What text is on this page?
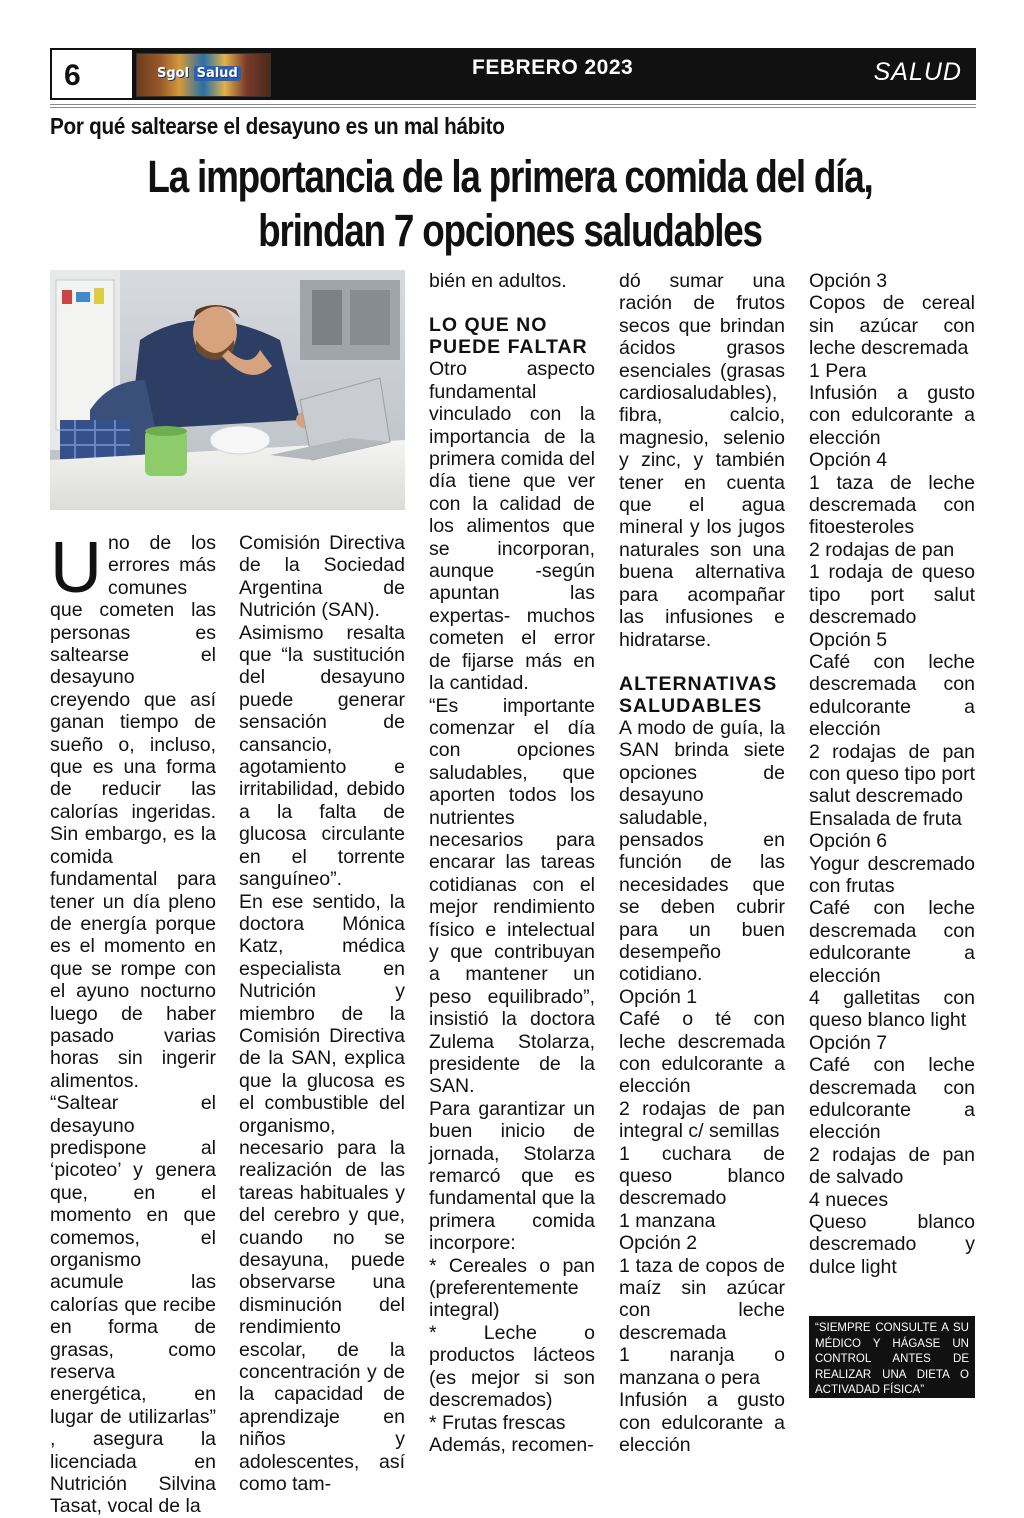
6	FEBRERO 2023	SALUD
Sgol Salud
Por qué saltearse el desayuno es un mal hábito
La importancia de la primera comida del día,
brindan 7 opciones saludables

Uno de los errores más comunes que cometen las personas es saltearse el desayuno creyendo que así ganan tiempo de sueño o, incluso, que es una forma de reducir las calorías ingeridas. Sin embargo, es la comida fundamental para tener un día pleno de energía porque es el momento en que se rompe con el ayuno nocturno luego de haber pasado varias horas sin ingerir alimentos.

“Saltear el desayuno predispone al ‘picoteo’ y genera que, en el momento en que comemos, el organismo acumule las calorías que recibe en forma de grasas, como reserva energética, en lugar de utilizarlas” , asegura la licenciada en Nutrición Silvina Tasat, vocal de la

Comisión Directiva de la Sociedad Argentina de Nutrición (SAN).

Asimismo resalta que “la sustitución del desayuno puede generar sensación de cansancio, agotamiento e irritabilidad, debido a la falta de glucosa circulante en el torrente sanguíneo”.

En ese sentido, la doctora Mónica Katz, médica especialista en Nutrición y miembro de la Comisión Directiva de la SAN, explica que la glucosa es el combustible del organismo, necesario para la realización de las tareas habituales y del cerebro y que, cuando no se desayuna, puede observarse una disminución del rendimiento escolar, de la concentración y de la capacidad de aprendizaje en niños y adolescentes, así como tam-

bién en adultos.

LO QUE NO PUEDE FALTAR

Otro aspecto fundamental vinculado con la importancia de la primera comida del día tiene que ver con la calidad de los alimentos que se incorporan, aunque -según apuntan las expertas- muchos cometen el error de fijarse más en la cantidad.

“Es importante comenzar el día con opciones saludables, que aporten todos los nutrientes necesarios para encarar las tareas cotidianas con el mejor rendimiento físico e intelectual y que contribuyan a mantener un peso equilibrado”, insistió la doctora Zulema Stolarza, presidente de la SAN.

Para garantizar un buen inicio de jornada, Stolarza remarcó que es fundamental que la primera comida incorpore:

* Cereales o pan (preferentemente integral)

* Leche o productos lácteos (es mejor si son descremados)

* Frutas frescas

Además, recomen-

dó sumar una ración de frutos secos que brindan ácidos grasos esenciales (grasas cardiosaludables), fibra, calcio, magnesio, selenio y zinc, y también tener en cuenta que el agua mineral y los jugos naturales son una buena alternativa para acompañar las infusiones e hidratarse.

ALTERNATIVAS SALUDABLES

A modo de guía, la SAN brinda siete opciones de desayuno saludable, pensados en función de las necesidades que se deben cubrir para un buen desempeño cotidiano.

Opción 1

Café o té con leche descremada con edulcorante a elección

2 rodajas de pan integral c/ semillas

1 cuchara de queso blanco descremado

1 manzana

Opción 2

1 taza de copos de maíz sin azúcar con leche descremada

1 naranja o manzana o pera

Infusión a gusto con edulcorante a elección

Opción 3

Copos de cereal sin azúcar con leche descremada

1 Pera

Infusión a gusto con edulcorante a elección

Opción 4

1 taza de leche descremada con fitoesteroles

2 rodajas de pan

1 rodaja de queso tipo port salut descremado

Opción 5

Café con leche descremada con edulcorante a elección

2 rodajas de pan con queso tipo port salut descremado

Ensalada de fruta

Opción 6

Yogur descremado con frutas

Café con leche descremada con edulcorante a elección

4 galletitas con queso blanco light

Opción 7

Café con leche descremada con edulcorante a elección

2 rodajas de pan de salvado

4 nueces

Queso blanco descremado y dulce light

“SIEMPRE CONSULTE A SU MÉDICO Y HÁGASE UN CONTROL ANTES DE REALIZAR UNA DIETA O ACTIVADAD FÍSICA”
